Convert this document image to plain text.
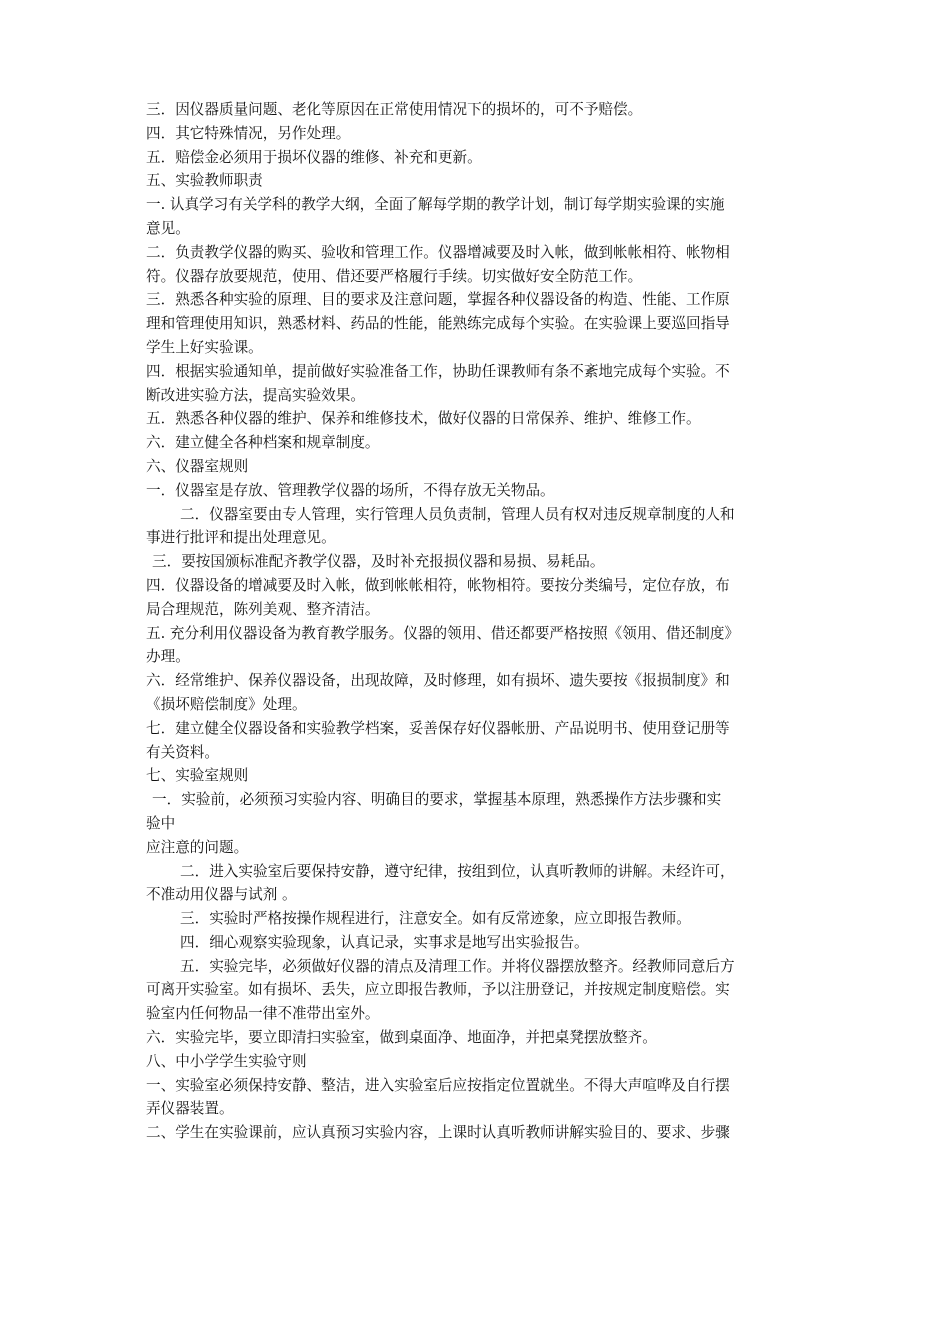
三．因仪器质量问题、老化等原因在正常使用情况下的损坏的，可不予赔偿。
四．其它特殊情况，另作处理。
五．赔偿金必须用于损坏仪器的维修、补充和更新。
五、实验教师职责
一. 认真学习有关学科的教学大纲，全面了解每学期的教学计划，制订每学期实验课的实施
意见。
二．负责教学仪器的购买、验收和管理工作。仪器增减要及时入帐，做到帐帐相符、帐物相
符。仪器存放要规范，使用、借还要严格履行手续。切实做好安全防范工作。
三．熟悉各种实验的原理、目的要求及注意问题，掌握各种仪器设备的构造、性能、工作原
理和管理使用知识，熟悉材料、药品的性能，能熟练完成每个实验。在实验课上要巡回指导
学生上好实验课。
四．根据实验通知单，提前做好实验准备工作，协助任课教师有条不紊地完成每个实验。不
断改进实验方法，提高实验效果。
五．熟悉各种仪器的维护、保养和维修技术，做好仪器的日常保养、维护、维修工作。
六．建立健全各种档案和规章制度。
六、仪器室规则
一．仪器室是存放、管理教学仪器的场所，不得存放无关物品。
二．仪器室要由专人管理，实行管理人员负责制，管理人员有权对违反规章制度的人和
事进行批评和提出处理意见。
三．要按国颁标准配齐教学仪器，及时补充报损仪器和易损、易耗品。
四．仪器设备的增减要及时入帐，做到帐帐相符，帐物相符。要按分类编号，定位存放，布
局合理规范，陈列美观、整齐清洁。
五. 充分利用仪器设备为教育教学服务。仪器的领用、借还都要严格按照《领用、借还制度》
办理。
六．经常维护、保养仪器设备，出现故障，及时修理，如有损坏、遗失要按《报损制度》和
《损坏赔偿制度》处理。
七．建立健全仪器设备和实验教学档案，妥善保存好仪器帐册、产品说明书、使用登记册等
有关资料。
七、实验室规则
一．实验前，必须预习实验内容、明确目的要求，掌握基本原理，熟悉操作方法步骤和实
验中
应注意的问题。
二．进入实验室后要保持安静，遵守纪律，按组到位，认真听教师的讲解。未经许可，
不准动用仪器与试剂 。
三．实验时严格按操作规程进行，注意安全。如有反常迹象，应立即报告教师。
四．细心观察实验现象，认真记录，实事求是地写出实验报告。
五．实验完毕，必须做好仪器的清点及清理工作。并将仪器摆放整齐。经教师同意后方
可离开实验室。如有损坏、丢失，应立即报告教师，予以注册登记，并按规定制度赔偿。实
验室内任何物品一律不准带出室外。
六．实验完毕，要立即清扫实验室，做到桌面净、地面净，并把桌凳摆放整齐。
八、中小学学生实验守则
一、实验室必须保持安静、整洁，进入实验室后应按指定位置就坐。不得大声喧哗及自行摆
弄仪器装置。
二、学生在实验课前，应认真预习实验内容，上课时认真听教师讲解实验目的、要求、步骤
